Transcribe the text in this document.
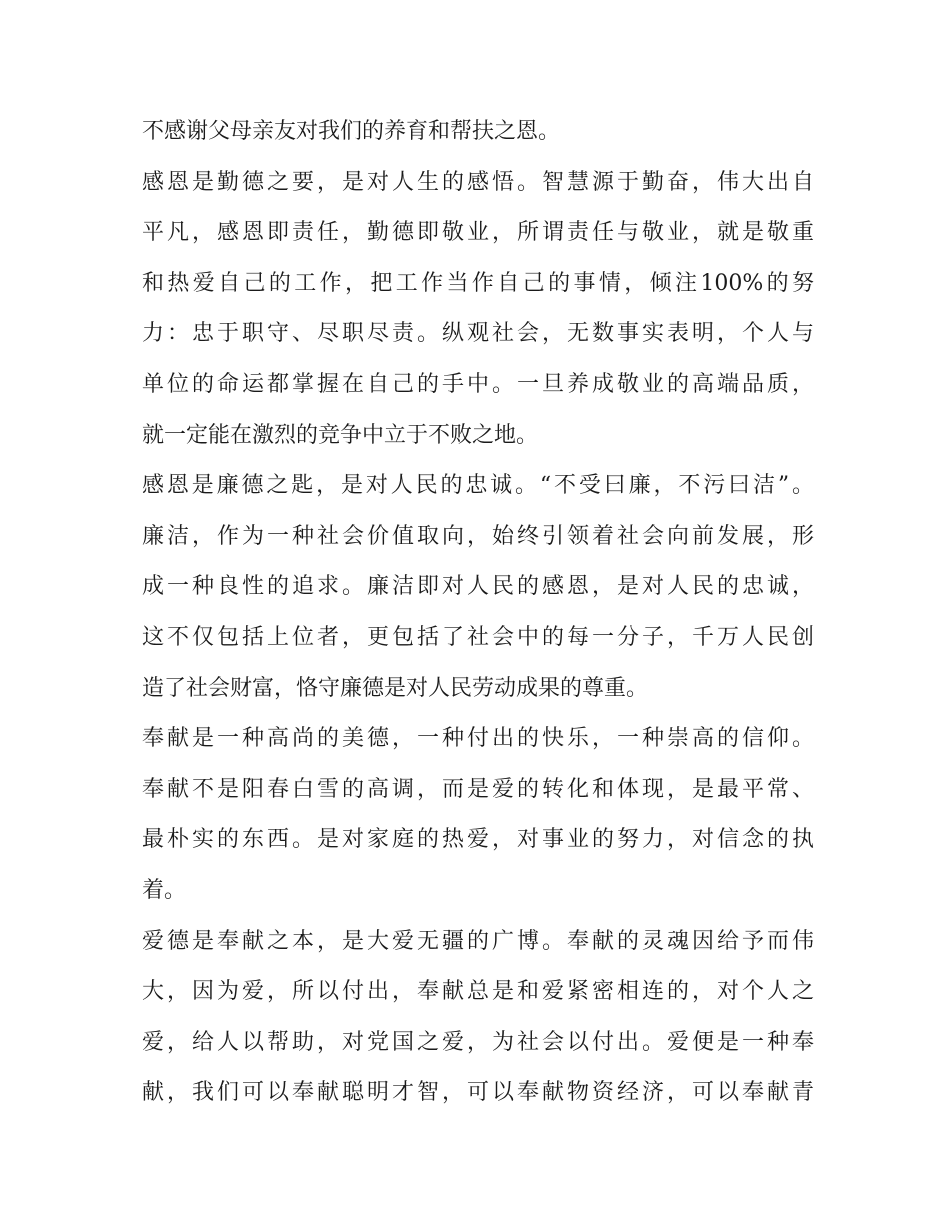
不感谢父母亲友对我们的养育和帮扶之恩。
感恩是勤德之要，是对人生的感悟。智慧源于勤奋，伟大出自
平凡，感恩即责任，勤德即敬业，所谓责任与敬业，就是敬重
和热爱自己的工作，把工作当作自己的事情，倾注100%的努
力：忠于职守、尽职尽责。纵观社会，无数事实表明，个人与
单位的命运都掌握在自己的手中。一旦养成敬业的高端品质，
就一定能在激烈的竞争中立于不败之地。
感恩是廉德之匙，是对人民的忠诚。“不受曰廉，不污曰洁”。
廉洁，作为一种社会价值取向，始终引领着社会向前发展，形
成一种良性的追求。廉洁即对人民的感恩，是对人民的忠诚，
这不仅包括上位者，更包括了社会中的每一分子，千万人民创
造了社会财富，恪守廉德是对人民劳动成果的尊重。
奉献是一种高尚的美德，一种付出的快乐，一种崇高的信仰。
奉献不是阳春白雪的高调，而是爱的转化和体现，是最平常、
最朴实的东西。是对家庭的热爱，对事业的努力，对信念的执
着。
爱德是奉献之本，是大爱无疆的广博。奉献的灵魂因给予而伟
大，因为爱，所以付出，奉献总是和爱紧密相连的，对个人之
爱，给人以帮助，对党国之爱，为社会以付出。爱便是一种奉
献，我们可以奉献聪明才智，可以奉献物资经济，可以奉献青
